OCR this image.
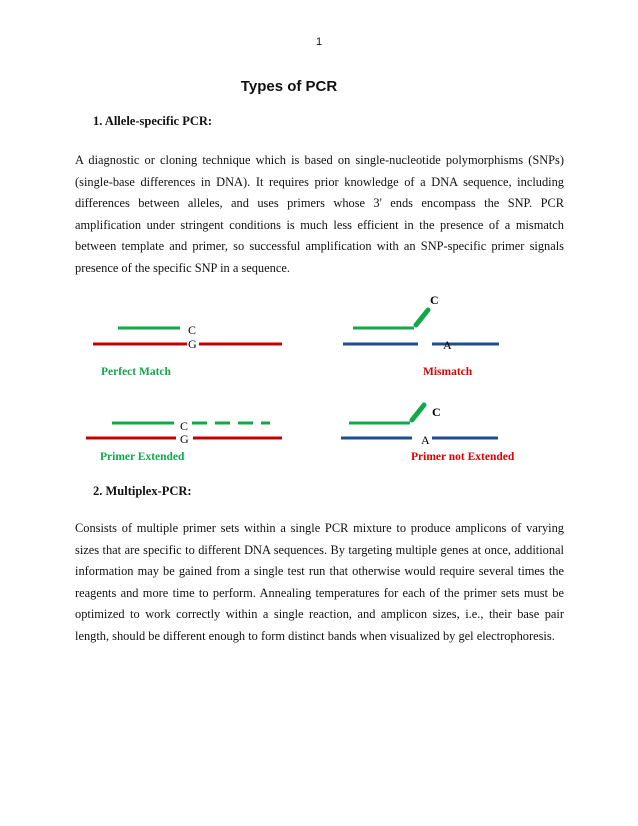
1
Types of PCR
1. Allele-specific PCR:

A diagnostic or cloning technique which is based on single-nucleotide polymorphisms (SNPs) (single-base differences in DNA). It requires prior knowledge of a DNA sequence, including differences between alleles, and uses primers whose 3' ends encompass the SNP. PCR amplification under stringent conditions is much less efficient in the presence of a mismatch between template and primer, so successful amplification with an SNP-specific primer signals presence of the specific SNP in a sequence.

C
G
Perfect Match
C
A
Mismatch
C
G
Primer Extended
C
A
Primer not Extended
2. Multiplex-PCR:

Consists of multiple primer sets within a single PCR mixture to produce amplicons of varying sizes that are specific to different DNA sequences. By targeting multiple genes at once, additional information may be gained from a single test run that otherwise would require several times the reagents and more time to perform. Annealing temperatures for each of the primer sets must be optimized to work correctly within a single reaction, and amplicon sizes, i.e., their base pair length, should be different enough to form distinct bands when visualized by gel electrophoresis.
